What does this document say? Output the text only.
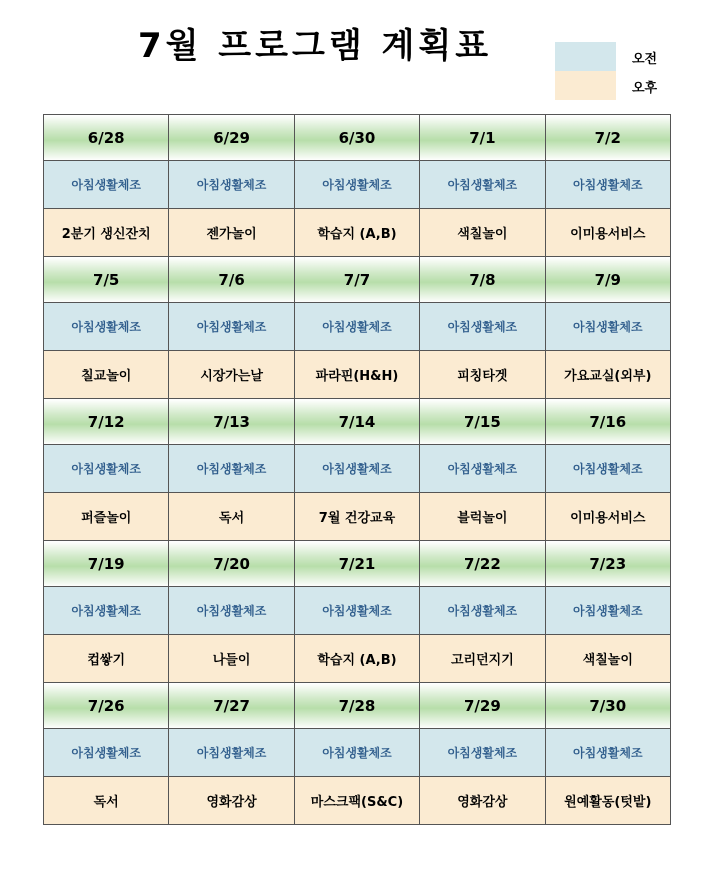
7월 프로그램 계획표	오전
오후
6/28	6/29	6/30	7/1	7/2
아침생활체조	아침생활체조	아침생활체조	아침생활체조	아침생활체조
2분기 생신잔치	젠가놀이	학습지 (A,B)	색칠놀이	이미용서비스
7/5	7/6	7/7	7/8	7/9
아침생활체조	아침생활체조	아침생활체조	아침생활체조	아침생활체조
칠교놀이	시장가는날	파라핀(H&H)	피칭타겟	가요교실(외부)
7/12	7/13	7/14	7/15	7/16
아침생활체조	아침생활체조	아침생활체조	아침생활체조	아침생활체조
퍼즐놀이	독서	7월 건강교육	블럭놀이	이미용서비스
7/19	7/20	7/21	7/22	7/23
아침생활체조	아침생활체조	아침생활체조	아침생활체조	아침생활체조
컵쌓기	나들이	학습지 (A,B)	고리던지기	색칠놀이
7/26	7/27	7/28	7/29	7/30
아침생활체조	아침생활체조	아침생활체조	아침생활체조	아침생활체조
독서	영화감상	마스크팩(S&C)	영화감상	원예활동(텃밭)
